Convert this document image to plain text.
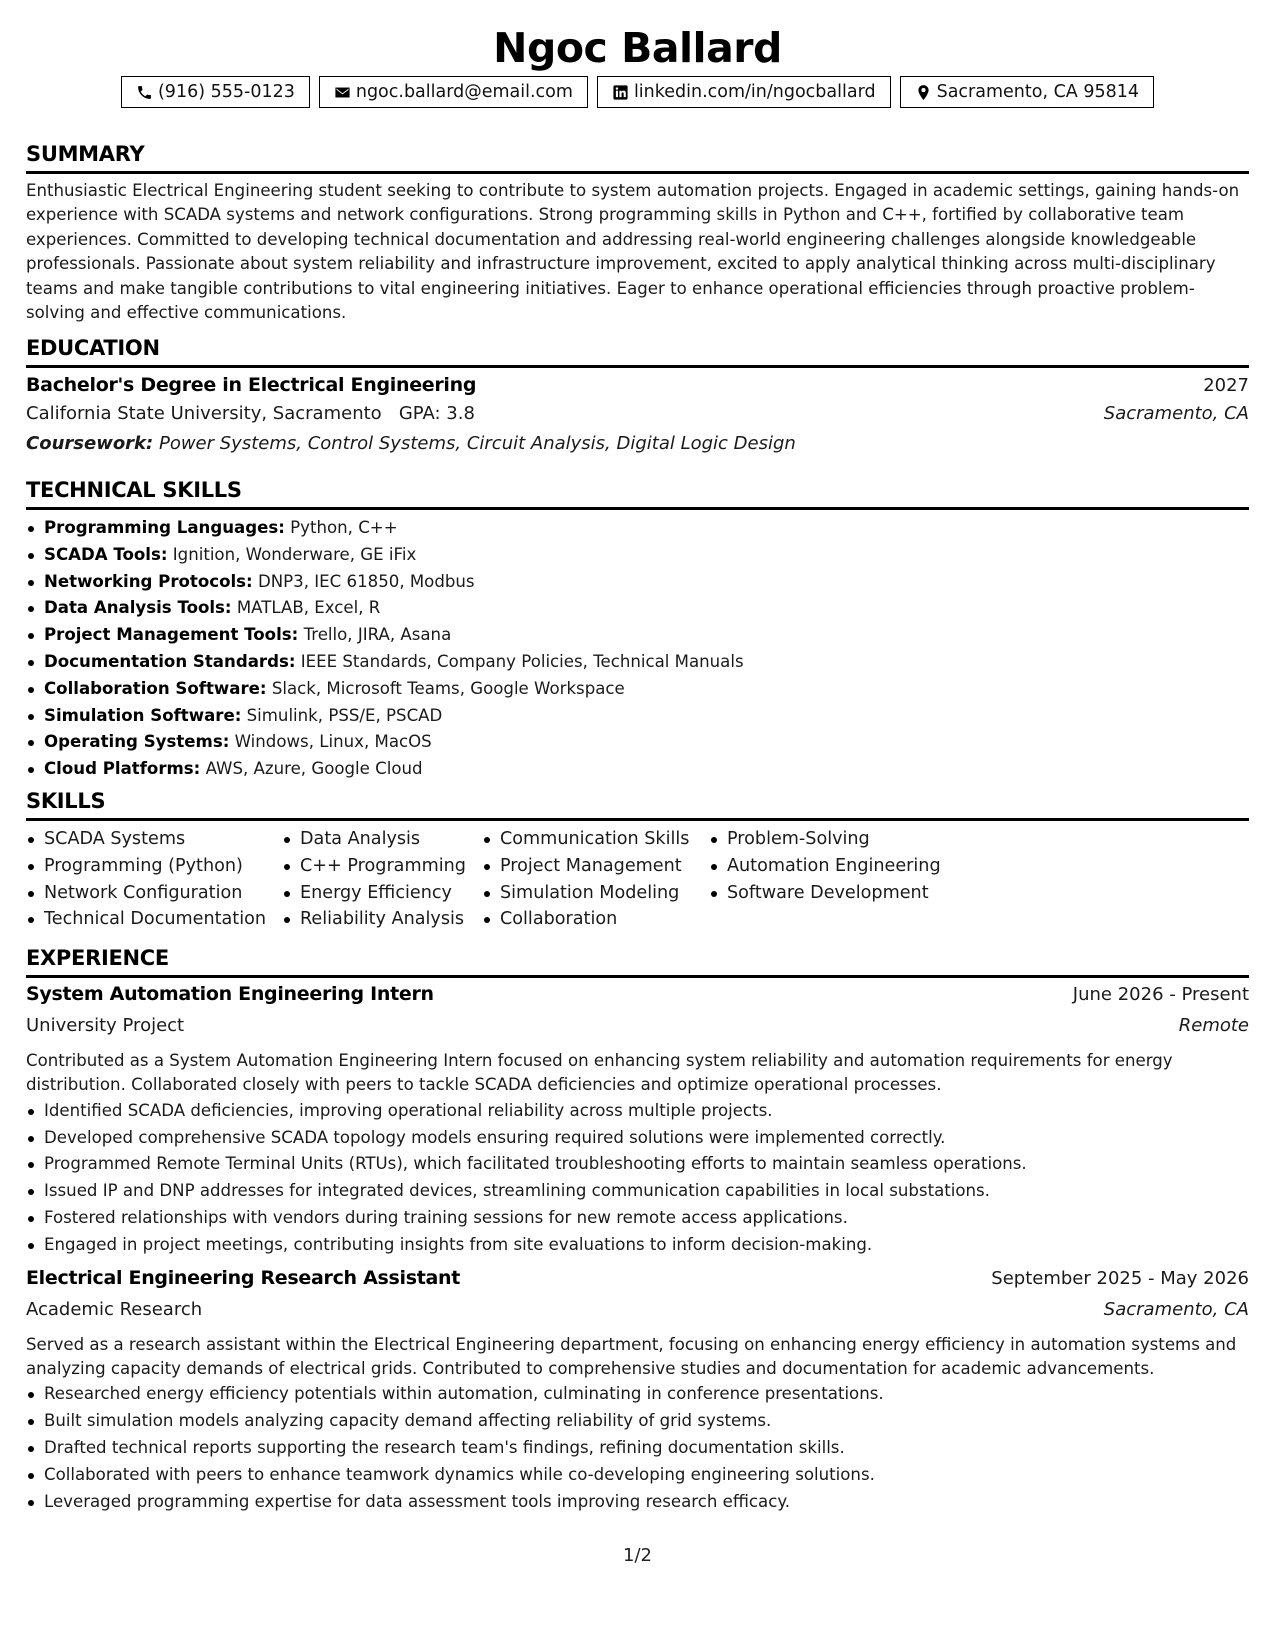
Ngoc Ballard
(916) 555-0123	ngoc.ballard@email.com	linkedin.com/in/ngocballard	Sacramento, CA 95814
SUMMARY
Enthusiastic Electrical Engineering student seeking to contribute to system automation projects. Engaged in academic settings, gaining hands-on experience with SCADA systems and network configurations. Strong programming skills in Python and C++, fortified by collaborative team experiences. Committed to developing technical documentation and addressing real-world engineering challenges alongside knowledgeable professionals. Passionate about system reliability and infrastructure improvement, excited to apply analytical thinking across multi-disciplinary teams and make tangible contributions to vital engineering initiatives. Eager to enhance operational efficiencies through proactive problem-solving and effective communications.
EDUCATION
Bachelor's Degree in Electrical Engineering	2027
California State University, Sacramento GPA: 3.8	Sacramento, CA
Coursework: Power Systems, Control Systems, Circuit Analysis, Digital Logic Design
TECHNICAL SKILLS
Programming Languages: Python, C++
SCADA Tools: Ignition, Wonderware, GE iFix
Networking Protocols: DNP3, IEC 61850, Modbus
Data Analysis Tools: MATLAB, Excel, R
Project Management Tools: Trello, JIRA, Asana
Documentation Standards: IEEE Standards, Company Policies, Technical Manuals
Collaboration Software: Slack, Microsoft Teams, Google Workspace
Simulation Software: Simulink, PSS/E, PSCAD
Operating Systems: Windows, Linux, MacOS
Cloud Platforms: AWS, Azure, Google Cloud
SKILLS
SCADA Systems
Programming (Python)
Network Configuration
Technical Documentation
Data Analysis
C++ Programming
Energy Efficiency
Reliability Analysis
Communication Skills
Project Management
Simulation Modeling
Collaboration
Problem-Solving
Automation Engineering
Software Development
EXPERIENCE
System Automation Engineering Intern	June 2026 - Present
University Project	Remote
Contributed as a System Automation Engineering Intern focused on enhancing system reliability and automation requirements for energy distribution. Collaborated closely with peers to tackle SCADA deficiencies and optimize operational processes.
Identified SCADA deficiencies, improving operational reliability across multiple projects.
Developed comprehensive SCADA topology models ensuring required solutions were implemented correctly.
Programmed Remote Terminal Units (RTUs), which facilitated troubleshooting efforts to maintain seamless operations.
Issued IP and DNP addresses for integrated devices, streamlining communication capabilities in local substations.
Fostered relationships with vendors during training sessions for new remote access applications.
Engaged in project meetings, contributing insights from site evaluations to inform decision-making.
Electrical Engineering Research Assistant	September 2025 - May 2026
Academic Research	Sacramento, CA
Served as a research assistant within the Electrical Engineering department, focusing on enhancing energy efficiency in automation systems and analyzing capacity demands of electrical grids. Contributed to comprehensive studies and documentation for academic advancements.
Researched energy efficiency potentials within automation, culminating in conference presentations.
Built simulation models analyzing capacity demand affecting reliability of grid systems.
Drafted technical reports supporting the research team's findings, refining documentation skills.
Collaborated with peers to enhance teamwork dynamics while co-developing engineering solutions.
Leveraged programming expertise for data assessment tools improving research efficacy.
1/2
